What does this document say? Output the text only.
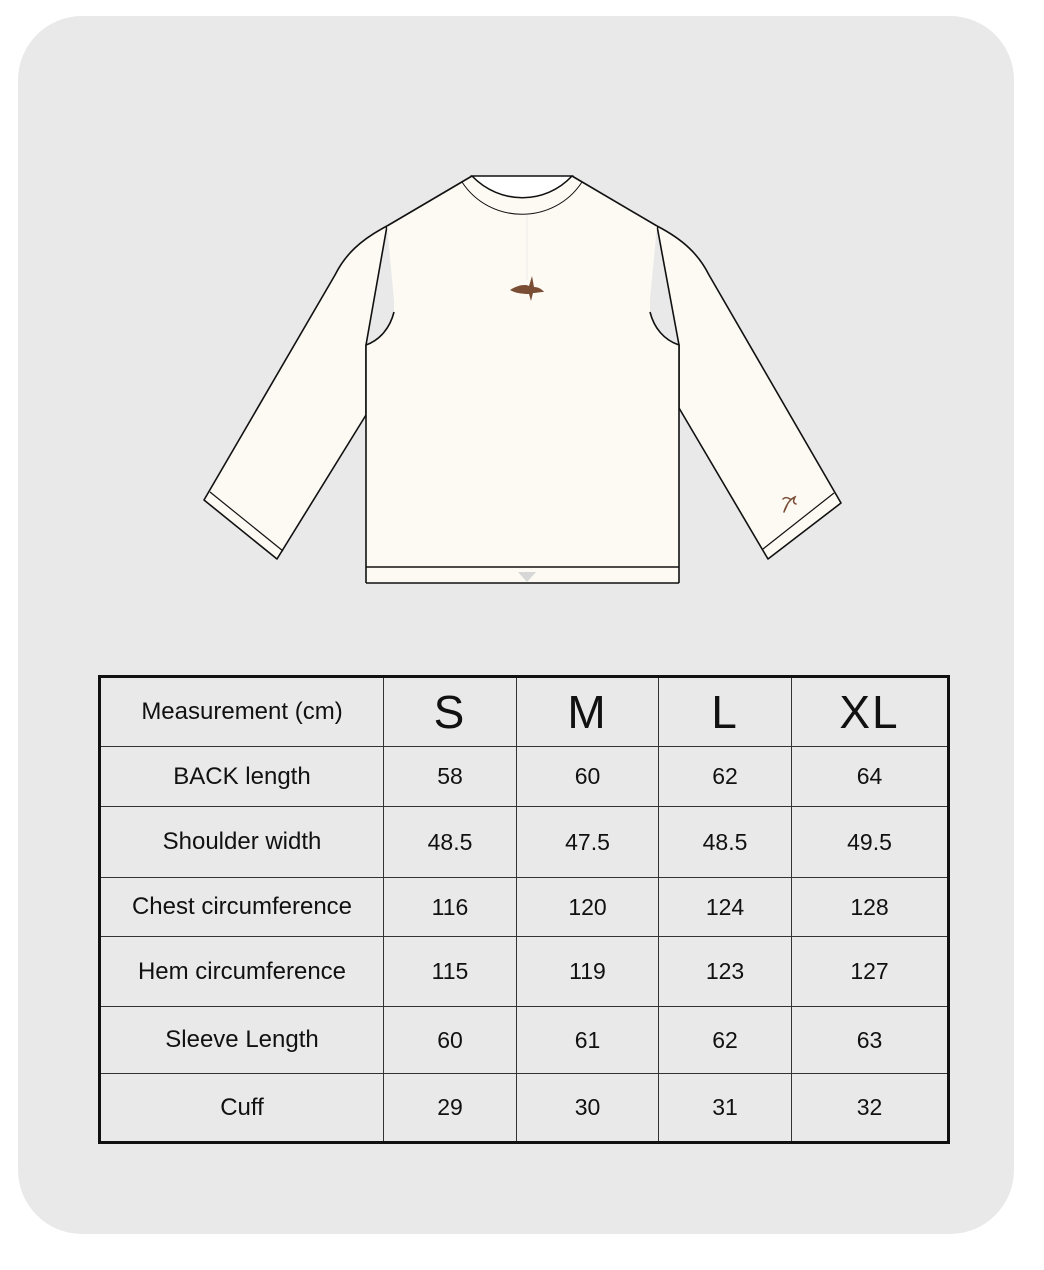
Measurement (cm)	S	M	L	XL
BACK length	58	60	62	64
Shoulder width	48.5	47.5	48.5	49.5
Chest circumference	116	120	124	128
Hem circumference	115	119	123	127
Sleeve Length	60	61	62	63
Cuff	29	30	31	32
